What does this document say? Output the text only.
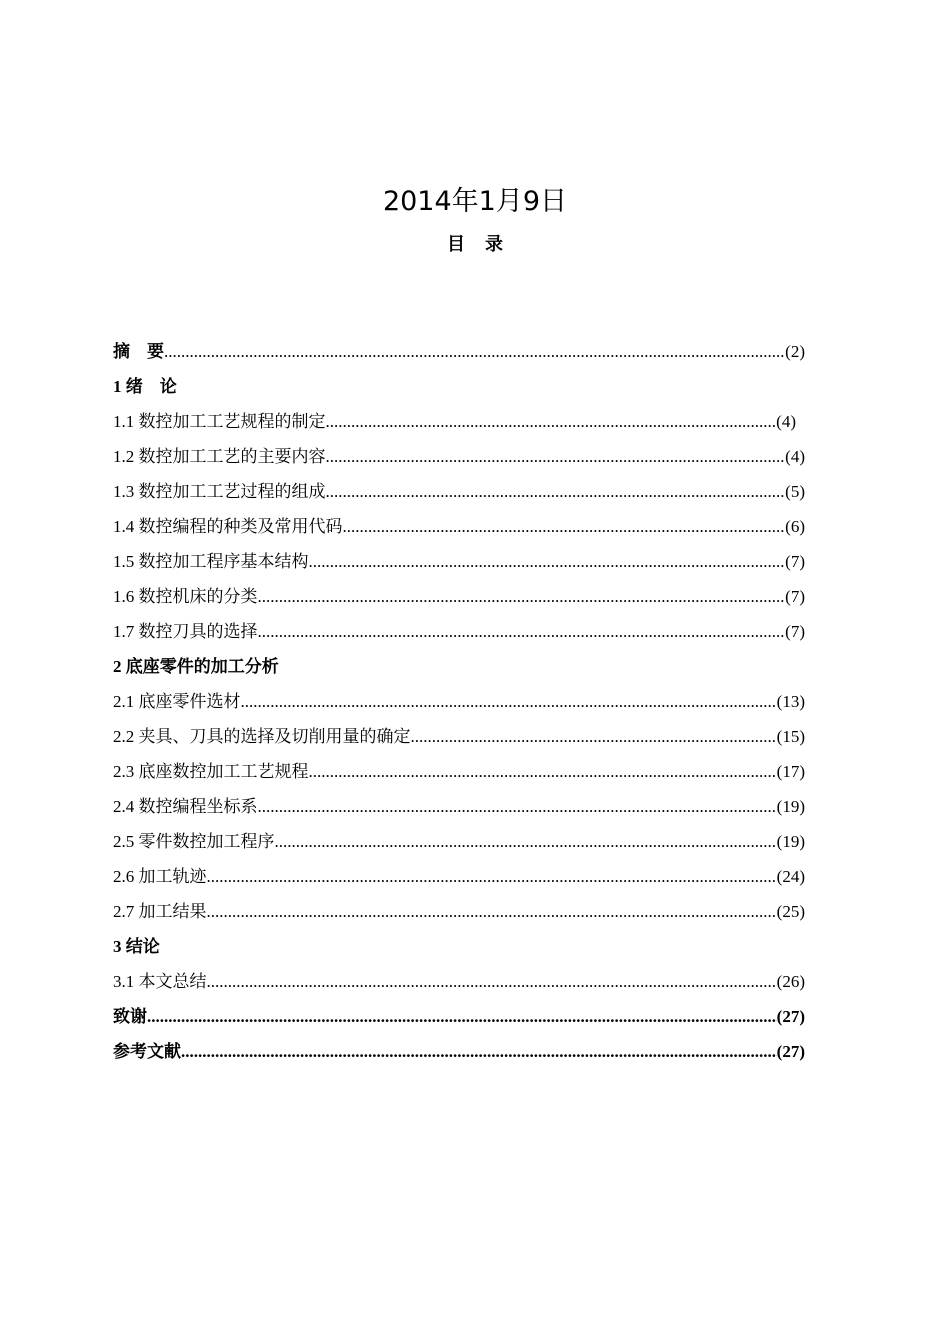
2014年1月9日
目录
摘　要 .....	(2)
1 绪　论
1.1 数控加工工艺规程的制定 .....	(4)
1.2 数控加工工艺的主要内容 .....	(4)
1.3 数控加工工艺过程的组成 .....	(5)
1.4 数控编程的种类及常用代码 .....	(6)
1.5 数控加工程序基本结构 .....	(7)
1.6 数控机床的分类 .....	(7)
1.7 数控刀具的选择 .....	(7)
2 底座零件的加工分析
2.1 底座零件选材 .....	(13)
2.2 夹具、刀具的选择及切削用量的确定 .....	(15)
2.3 底座数控加工工艺规程 .....	(17)
2.4 数控编程坐标系 .....	(19)
2.5 零件数控加工程序 .....	(19)
2.6 加工轨迹 .....	(24)
2.7 加工结果 .....	(25)
3 结论
3.1 本文总结 .....	(26)
致谢 .....	(27)
参考文献 .....	(27)
